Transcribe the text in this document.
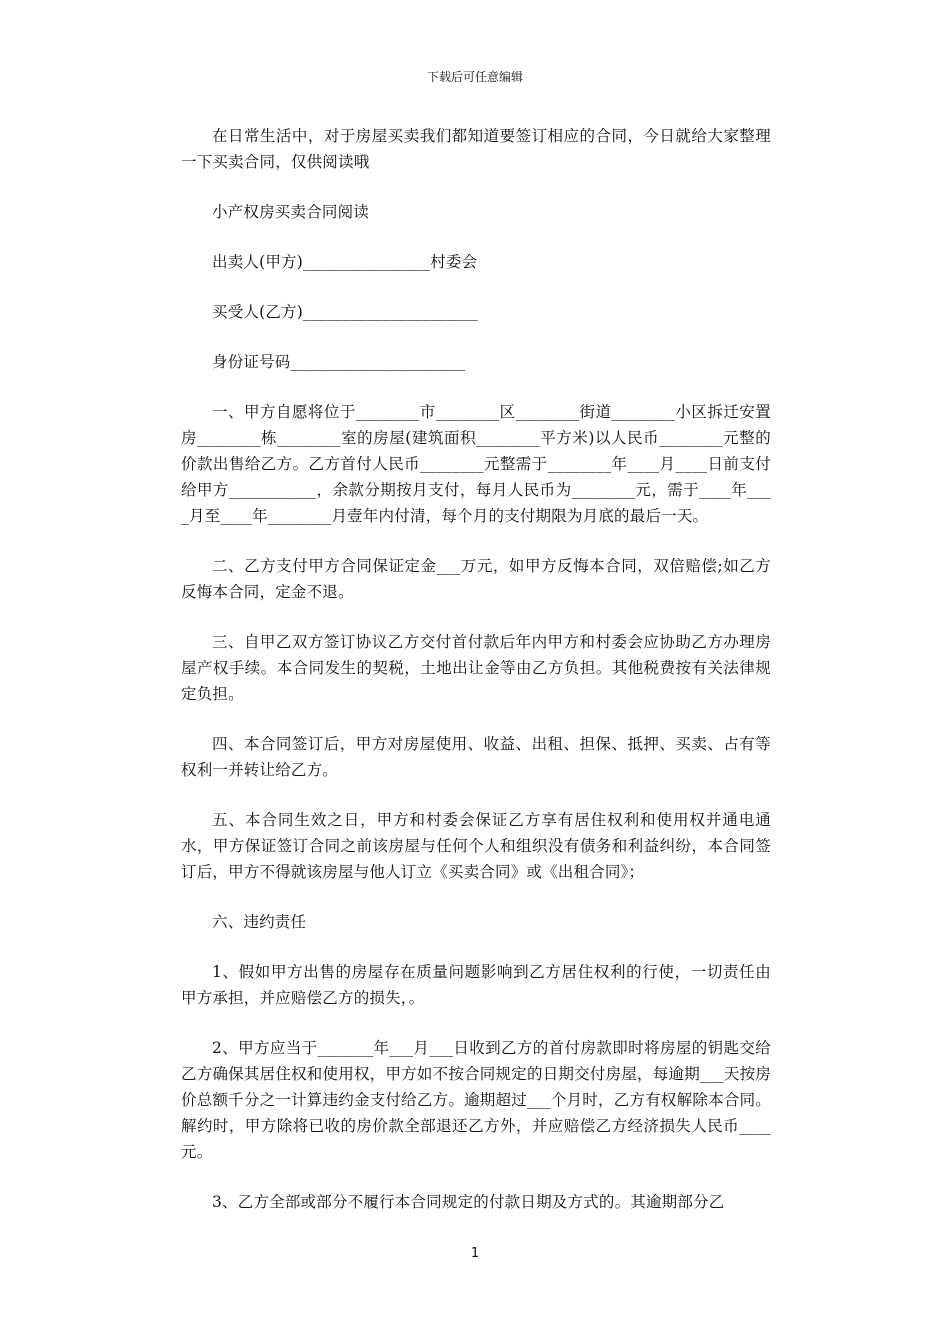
下载后可任意编辑

在日常生活中，对于房屋买卖我们都知道要签订相应的合同，今日就给大家整理一下买卖合同，仅供阅读哦

小产权房买卖合同阅读

出卖人(甲方)________________村委会

买受人(乙方)______________________

身份证号码______________________

一、甲方自愿将位于________市________区________街道________小区拆迁安置房________栋________室的房屋(建筑面积________平方米)以人民币________元整的价款出售给乙方。乙方首付人民币________元整需于________年____月____日前支付给甲方___________，余款分期按月支付，每月人民币为________元，需于____年____月至____年________月壹年内付清，每个月的支付期限为月底的最后一天。

二、乙方支付甲方合同保证定金___万元，如甲方反悔本合同，双倍赔偿;如乙方反悔本合同，定金不退。

三、自甲乙双方签订协议乙方交付首付款后年内甲方和村委会应协助乙方办理房屋产权手续。本合同发生的契税，土地出让金等由乙方负担。其他税费按有关法律规定负担。

四、本合同签订后，甲方对房屋使用、收益、出租、担保、抵押、买卖、占有等权利一并转让给乙方。

五、本合同生效之日，甲方和村委会保证乙方享有居住权利和使用权并通电通水，甲方保证签订合同之前该房屋与任何个人和组织没有债务和利益纠纷，本合同签订后，甲方不得就该房屋与他人订立《买卖合同》或《出租合同》；

六、违约责任

1、假如甲方出售的房屋存在质量问题影响到乙方居住权利的行使，一切责任由甲方承担，并应赔偿乙方的损失，。

2、甲方应当于_______年___月___日收到乙方的首付房款即时将房屋的钥匙交给乙方确保其居住权和使用权，甲方如不按合同规定的日期交付房屋，每逾期___天按房价总额千分之一计算违约金支付给乙方。逾期超过___个月时，乙方有权解除本合同。解约时，甲方除将已收的房价款全部退还乙方外，并应赔偿乙方经济损失人民币____元。

3、乙方全部或部分不履行本合同规定的付款日期及方式的。其逾期部分乙

1
